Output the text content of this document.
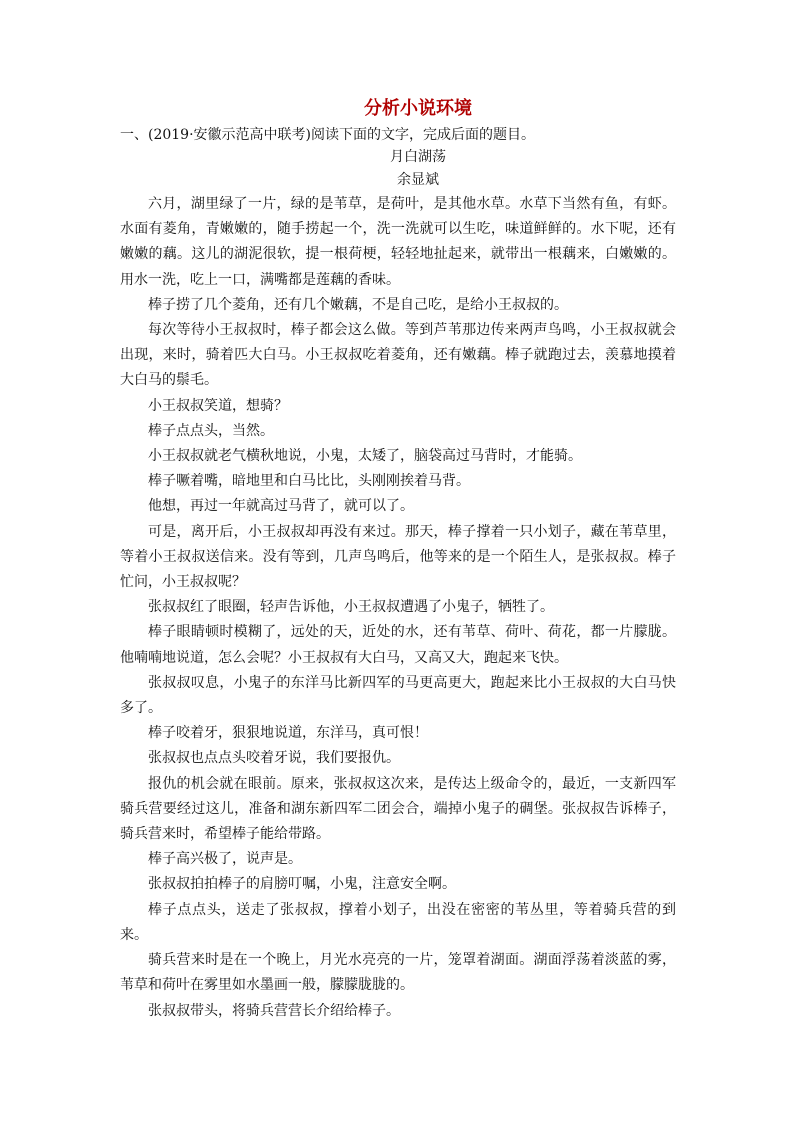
分析小说环境

一、(2019·安徽示范高中联考)阅读下面的文字，完成后面的题目。

月白湖荡

余显斌

六月，湖里绿了一片，绿的是苇草，是荷叶，是其他水草。水草下当然有鱼，有虾。水面有菱角，青嫩嫩的，随手捞起一个，洗一洗就可以生吃，味道鲜鲜的。水下呢，还有嫩嫩的藕。这儿的湖泥很软，提一根荷梗，轻轻地扯起来，就带出一根藕来，白嫩嫩的。用水一洗，吃上一口，满嘴都是莲藕的香味。

棒子捞了几个菱角，还有几个嫩藕，不是自己吃，是给小王叔叔的。

每次等待小王叔叔时，棒子都会这么做。等到芦苇那边传来两声鸟鸣，小王叔叔就会出现，来时，骑着匹大白马。小王叔叔吃着菱角，还有嫩藕。棒子就跑过去，羡慕地摸着大白马的鬃毛。

小王叔叔笑道，想骑？

棒子点点头，当然。

小王叔叔就老气横秋地说，小鬼，太矮了，脑袋高过马背时，才能骑。

棒子噘着嘴，暗地里和白马比比，头刚刚挨着马背。

他想，再过一年就高过马背了，就可以了。

可是，离开后，小王叔叔却再没有来过。那天，棒子撑着一只小划子，藏在苇草里，等着小王叔叔送信来。没有等到，几声鸟鸣后，他等来的是一个陌生人，是张叔叔。棒子忙问，小王叔叔呢？

张叔叔红了眼圈，轻声告诉他，小王叔叔遭遇了小鬼子，牺牲了。

棒子眼睛顿时模糊了，远处的天，近处的水，还有苇草、荷叶、荷花，都一片朦胧。他喃喃地说道，怎么会呢？小王叔叔有大白马，又高又大，跑起来飞快。

张叔叔叹息，小鬼子的东洋马比新四军的马更高更大，跑起来比小王叔叔的大白马快多了。

棒子咬着牙，狠狠地说道，东洋马，真可恨！

张叔叔也点点头咬着牙说，我们要报仇。

报仇的机会就在眼前。原来，张叔叔这次来，是传达上级命令的，最近，一支新四军骑兵营要经过这儿，准备和湖东新四军二团会合，端掉小鬼子的碉堡。张叔叔告诉棒子，骑兵营来时，希望棒子能给带路。

棒子高兴极了，说声是。

张叔叔拍拍棒子的肩膀叮嘱，小鬼，注意安全啊。

棒子点点头，送走了张叔叔，撑着小划子，出没在密密的苇丛里，等着骑兵营的到来。

骑兵营来时是在一个晚上，月光水亮亮的一片，笼罩着湖面。湖面浮荡着淡蓝的雾，苇草和荷叶在雾里如水墨画一般，朦朦胧胧的。

张叔叔带头，将骑兵营营长介绍给棒子。
